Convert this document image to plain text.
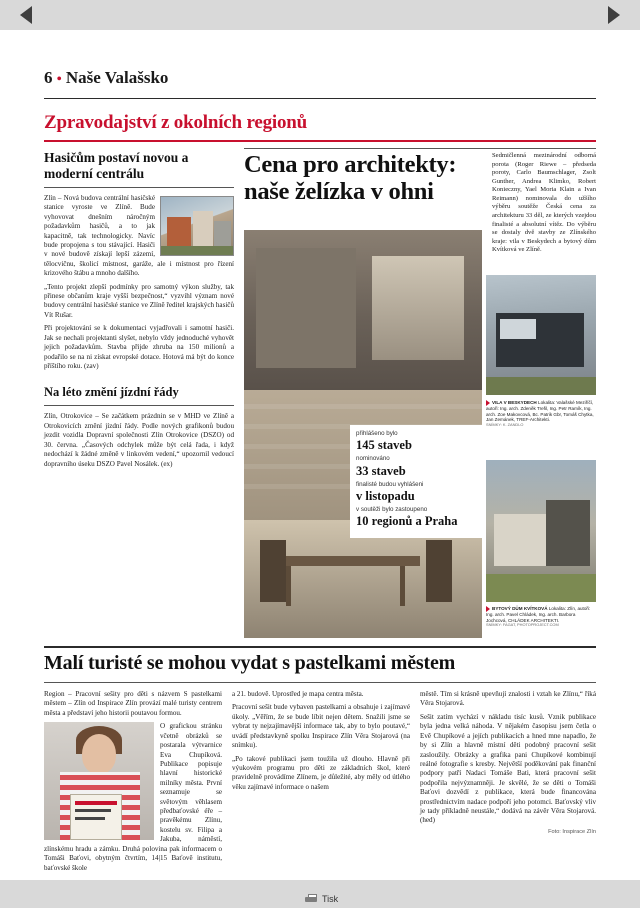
6 • Naše Valašsko
Zpravodajství z okolních regionů
Hasičům postaví novou a moderní centrálu

Zlín – Nová budova centrální hasičské stanice vyroste ve Zlíně. Bude vyhovovat dnešním náročným požadavkům hasičů, a to jak kapacitně, tak technologicky. Navíc bude propojena s tou stávající. Hasiči v nové budově získají lepší zázemí, tělocvičnu, školicí místnost, garáže, ale i místnost pro řízení krizového štábu a mnoho dalšího.

„Tento projekt zlepší podmínky pro samotný výkon služby, tak přinese občanům kraje vyšší bezpečnost,“ vyzvihl význam nové budovy centrální hasičské stanice ve Zlíně ředitel krajských hasičů Vít Rušar.

Při projektování se k dokumentaci vyjadřovali i samotní hasiči. Jak se nechali projektanti slyšet, nebylo vždy jednoduché vyhovět jejich požadavkům. Stavba přijde zhruba na 150 milionů a podařilo se na ni získat evropské dotace. Hotová má být do konce příštího roku. (zav)

Na léto změní jízdní řády

Zlín, Otrokovice – Se začátkem prázdnin se v MHD ve Zlíně a Otrokovicích změní jízdní řády. Podle nových grafikonů budou jezdit vozidla Dopravní společnosti Zlín Otrokovice (DSZO) od 30. června. „Časových odchylek může být celá řada, i když nedochází k žádné změně v linkovém vedení,“ upozornil vedoucí dopravního úseku DSZO Pavel Nosálek. (ex)

Cena pro architekty: naše želízka v ohni
Sedmičlenná mezinárodní odborná porota (Roger Riewe – předseda poroty, Carlo Baumschlager, Zsolt Gunther, Andrea Klimko, Robert Konieczny, Yael Moria Klain a Ivan Reimann) nominovala do užšího výběru soutěže Česká cena za architekturu 33 děl, ze kterých vzejdou finalisté a absolutní vítěz. Do výběru se dostaly dvě stavby ze Zlínského kraje: vila v Beskydech a bytový dům Kvítková ve Zlíně.
VILA V BESKYDECH Lokalita: Valašské Meziříčí, autoři: Ing. arch. Zdeněk Trefil, Ing. Petr Ramík, Ing. arch. Zoe Makovcová, Bc. Patrik Gbr, Tomáš Chytka, Jan Zemánek, TREF-Architekti.
SNÍMKY: K. ZANDLO
BYTOVÝ DŮM KVÍTKOVÁ Lokalita: Zlín, autoři: Ing. arch. Pavel Chládek, Ing. arch. Barbora Jochcová, CHLÁDEK ARCHITEKTI.
SNÍMKY: FAGAT, PHOTOPROJECT.COM
přihlášeno bylo
145 staveb
nominováno
33 staveb
finalisté budou vyhlášeni
v listopadu
v soutěži bylo zastoupeno
10 regionů a Praha
Malí turisté se mohou vydat s pastelkami městem

Region – Pracovní sešity pro děti s názvem S pastelkami městem – Zlín od Inspirace Zlín provází malé turisty centrem města a představí jeho historii poutavou formou.

O grafickou stránku včetně obrázků se postarala výtvarnice Eva Chupíková. Publikace popisuje hlavní historické milníky města. První seznamuje se světovým věhlasem předbaťovské éře – pravěkému Zlínu, kostelu sv. Filipa a Jakuba, náměstí, zlínskému hradu a zámku. Druhá polovina pak informacem o Tomáši Baťovi, obytným čtvrtím, 14|15 Baťově institutu, baťovské škole

a 21. budově. Uprostřed je mapa centra města.

Pracovní sešit bude vybaven pastelkami a obsahuje i zajímavé úkoly. „Věřím, že se bude líbit nejen dětem. Snažili jsme se vybrat ty nejzajímavější informace tak, aby to bylo poutavé,“ uvádí představkyně spolku Inspirace Zlín Věra Stojarová (na snímku).

„Po takové publikaci jsem toužila už dlouho. Hlavně při výukovém programu pro děti ze základních škol, které pravidelně provádíme Zlínem, je důležité, aby měly od útlého věku zajímavé informace o našem

městě. Tím si krásně upevňují znalosti i vztah ke Zlínu,“ říká Věra Stojarová.

Sešit zatím vychází v nákladu tisíc kusů. Vznik publikace byla jedna velká náhoda. V nějakém časopisu jsem četla o Evě Chupíkové a jejích publikacích a hned mne napadlo, že by si Zlín a hlavně místní děti podobný pracovní sešit zasloužily. Obrázky a grafika pani Chupíkové kombinují reálné fotografie s kresby. Největší poděkování pak finanční podpory patří Nadaci Tomáše Bati, která pracovní sešit podpořila nejvýznamněji. Je skvělé, že se děti o Tomáši Baťovi dozvědí z publikace, která bude financována prostřednictvím nadace podpoří jeho potomci. Baťovský vliv je tady příkladně neustále,“ dodává na závěr Věra Stojarová. (hed)

Foto: Inspirace Zlín
Tisk
